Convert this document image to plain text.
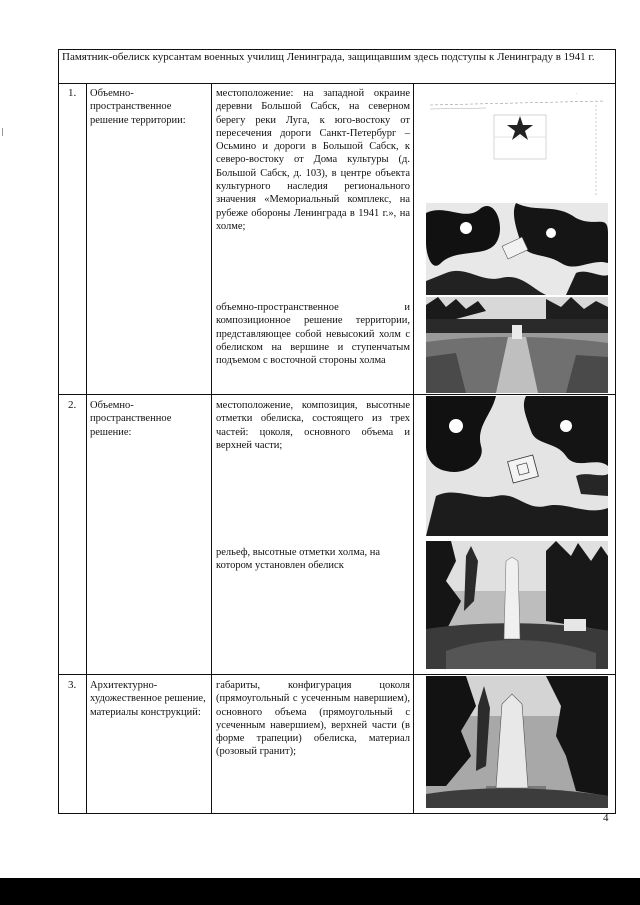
Памятник-обелиск курсантам военных училищ Ленинграда, защищавшим здесь подступы к Ленинграду в 1941 г.
1. Объемно-пространственное решение территории:
местоположение: на западной окраине деревни Большой Сабск, на северном берегу реки Луга, к юго-востоку от пересечения дороги Санкт-Петербург – Осьмино и дороги в Большой Сабск, к северо-востоку от Дома культуры (д. Большой Сабск, д. 103), в центре объекта культурного наследия регионального значения «Мемориальный комплекс, на рубеже обороны Ленинграда в 1941 г.», на холме;
объемно-пространственное и композиционное решение территории, представляющее собой невысокий холм с обелиском на вершине и ступенчатым подъемом с восточной стороны холма
·
2. Объемно-пространственное решение:
местоположение, композиция, высотные отметки обелиска, состоящего из трех частей: цоколя, основного объема и верхней части;
рельеф, высотные отметки холма, на котором установлен обелиск
3. Архитектурно-художественное решение, материалы конструкций:
габариты, конфигурация цоколя (прямоугольный с усеченным навершием), основного объема (прямоугольный с усеченным навершием), верхней части (в форме трапеции) обелиска, материал (розовый гранит);
4
